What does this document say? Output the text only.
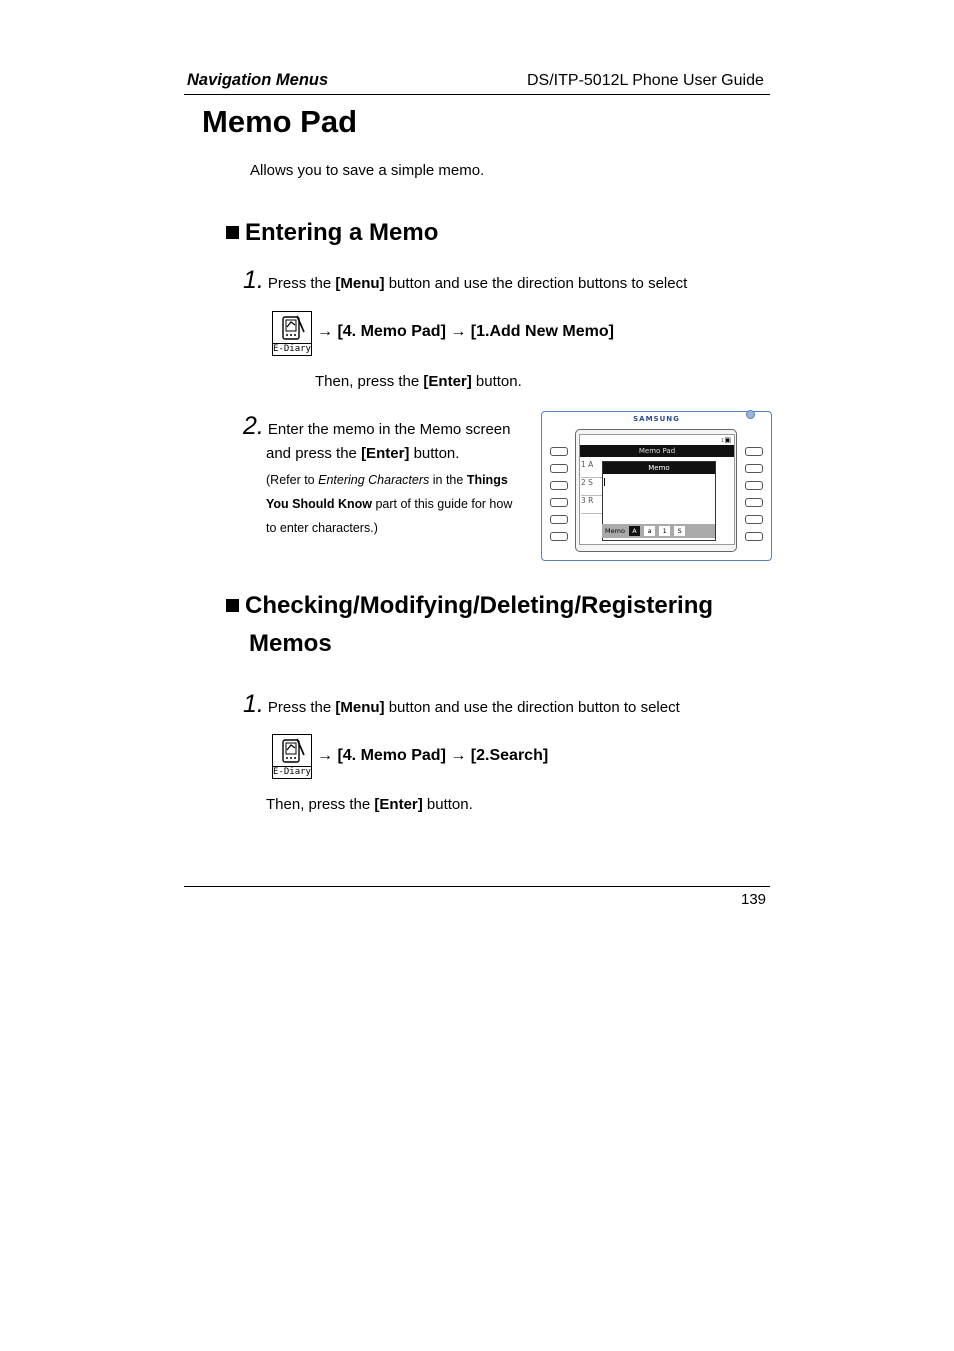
Navigation Menus	DS/ITP-5012L Phone User Guide
Memo Pad
Allows you to save a simple memo.
Entering a Memo
1. Press the [Menu] button and use the direction buttons to select
E-Diary
→ [4. Memo Pad] → [1.Add New Memo]
Then, press the [Enter] button.
2. Enter the memo in the Memo screen
and press the [Enter] button.
(Refer to Entering Characters in the Things
You Should Know part of this guide for how
to enter characters.)
SAMSUNG
↕▣
Memo Pad
1 A
2 S
3 R
Memo
Memo A a 1 S
Checking/Modifying/Deleting/Registering
Memos
1. Press the [Menu] button and use the direction button to select
E-Diary
→ [4. Memo Pad] → [2.Search]
Then, press the [Enter] button.
139
